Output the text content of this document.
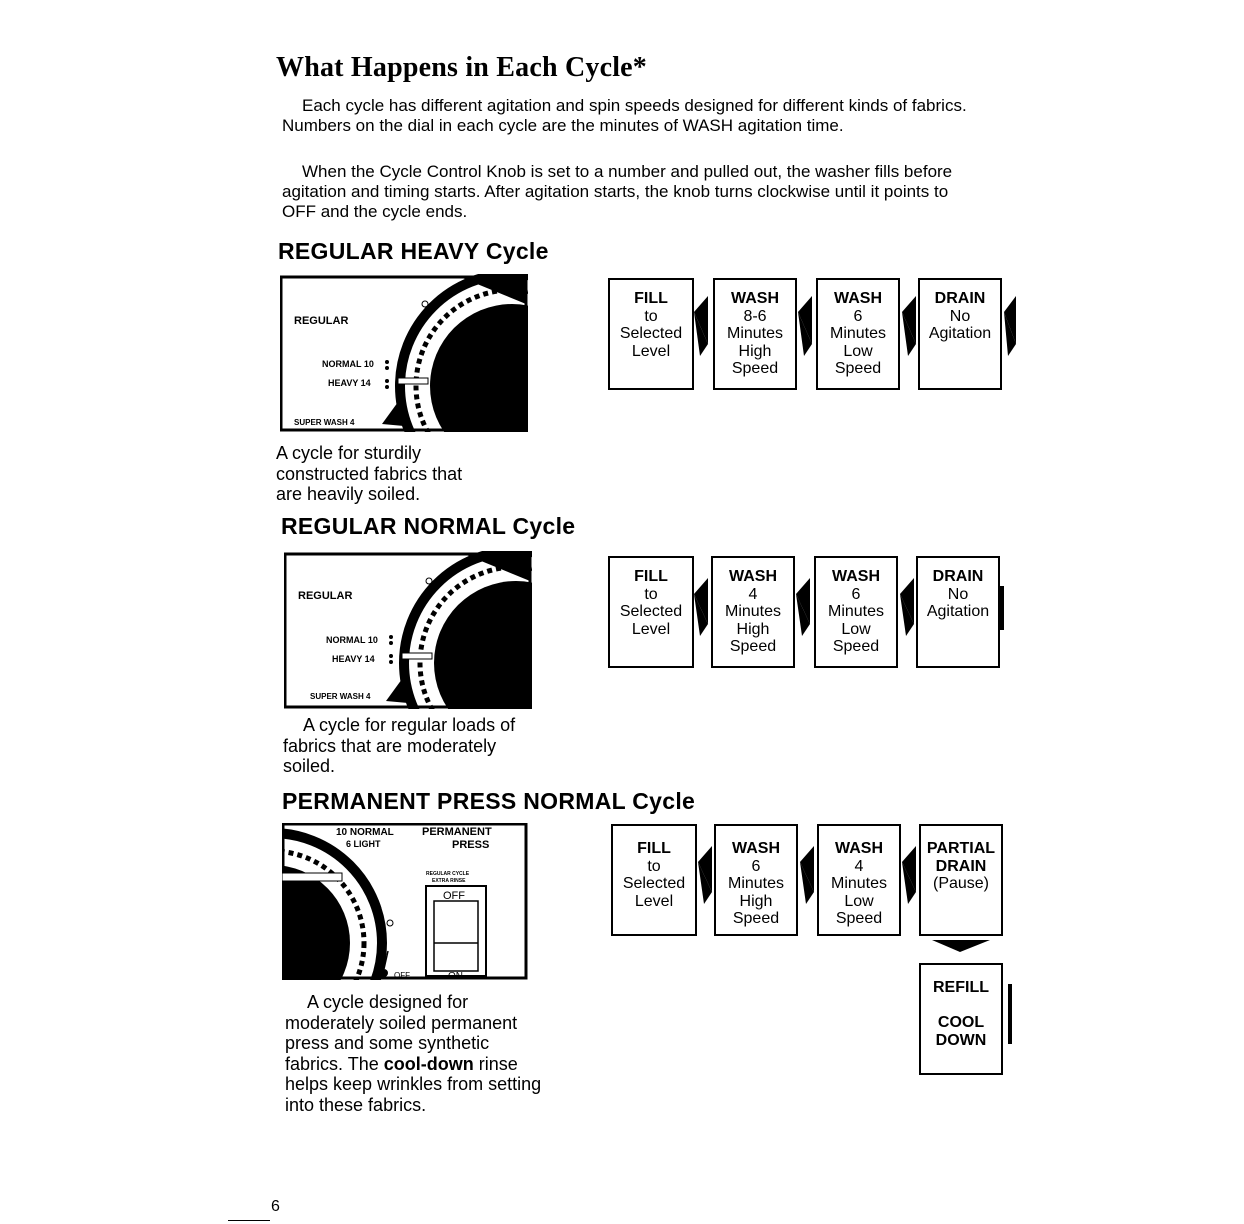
What Happens in Each Cycle*
Each cycle has different agitation and spin speeds designed for different kinds of fabrics. Numbers on the dial in each cycle are the minutes of WASH agitation time.
When the Cycle Control Knob is set to a number and pulled out, the washer fills before agitation and timing starts. After agitation starts, the knob turns clockwise until it points to OFF and the cycle ends.
REGULAR HEAVY Cycle
REGULAR
NORMAL 10
HEAVY 14
SUPER WASH 4
A cycle for sturdily constructed fabrics that are heavily soiled.
REGULAR NORMAL Cycle
REGULAR
NORMAL 10
HEAVY 14
SUPER WASH 4
A cycle for regular loads of fabrics that are moderately soiled.
PERMANENT PRESS NORMAL Cycle
10 NORMAL
6 LIGHT
PERMANENT
PRESS
REGULAR CYCLE
EXTRA RINSE
OFF
ON
OFF
A cycle designed for moderately soiled permanent press and some synthetic fabrics. The cool-down rinse helps keep wrinkles from setting into these fabrics.
FILL
to
Selected
Level
WASH
8-6
Minutes
High
Speed
WASH
6
Minutes
Low
Speed
DRAIN
No
Agitation
FILL
to
Selected
Level
WASH
4
Minutes
High
Speed
WASH
6
Minutes
Low
Speed
DRAIN
No
Agitation
FILL
to
Selected
Level
WASH
6
Minutes
High
Speed
WASH
4
Minutes
Low
Speed
PARTIAL
DRAIN
(Pause)
REFILL
COOL
DOWN
6
